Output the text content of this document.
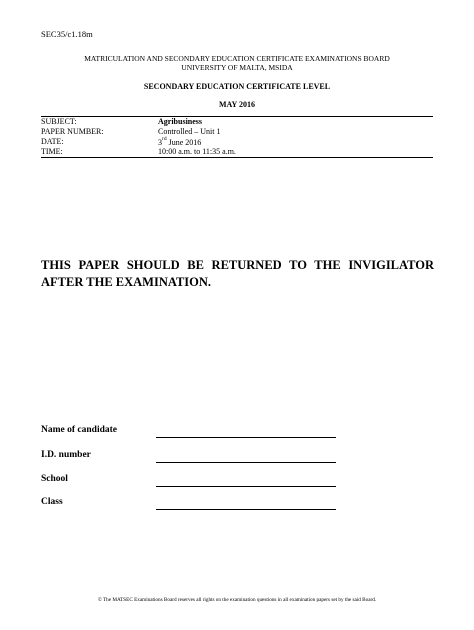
SEC35/c1.18m
MATRICULATION AND SECONDARY EDUCATION CERTIFICATE EXAMINATIONS BOARD
UNIVERSITY OF MALTA, MSIDA
SECONDARY EDUCATION CERTIFICATE LEVEL
MAY 2016
SUBJECT:	Agribusiness
PAPER NUMBER:	Controlled – Unit 1
DATE:	3rd June 2016
TIME:	10:00 a.m. to 11:35 a.m.
THIS PAPER SHOULD BE RETURNED TO THE INVIGILATOR
AFTER THE EXAMINATION.
Name of candidate
I.D. number
School
Class
© The MATSEC Examinations Board reserves all rights on the examination questions in all examination papers set by the said Board.
